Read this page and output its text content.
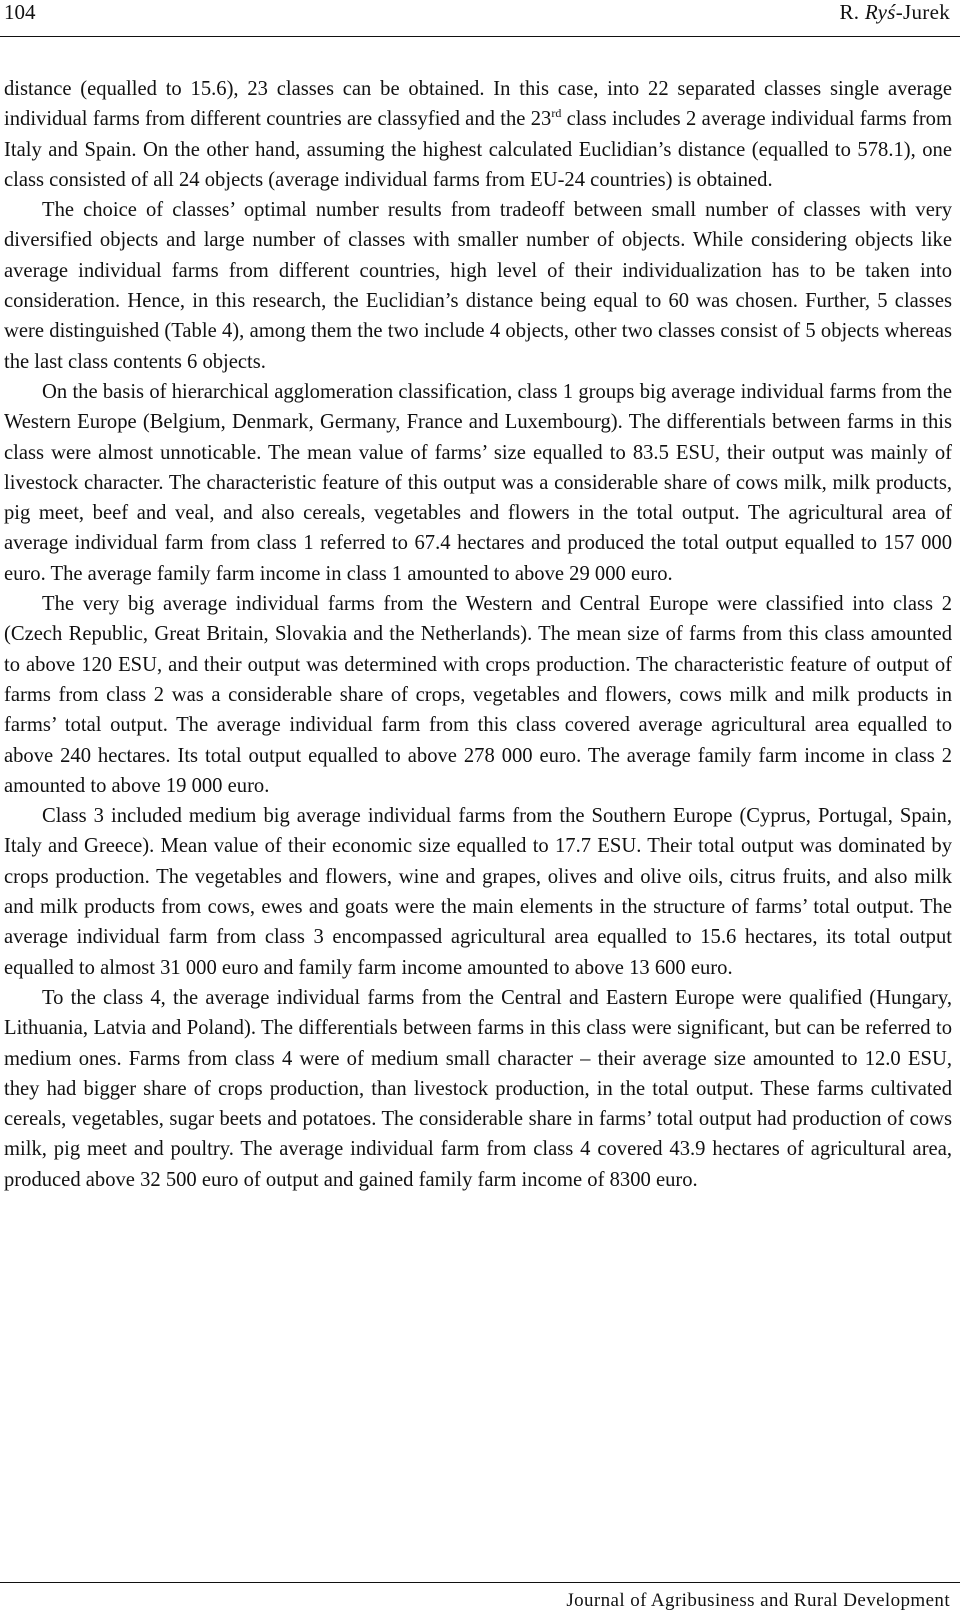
104	R. Ryś-Jurek

distance (equalled to 15.6), 23 classes can be obtained. In this case, into 22 separated classes single average individual farms from different countries are classyfied and the 23rd class includes 2 average individual farms from Italy and Spain. On the other hand, assuming the highest calculated Euclidian’s distance (equalled to 578.1), one class consisted of all 24 objects (average individual farms from EU-24 countries) is obtained.

The choice of classes’ optimal number results from tradeoff between small number of classes with very diversified objects and large number of classes with smaller number of objects. While considering objects like average individual farms from different countries, high level of their individualization has to be taken into consideration. Hence, in this research, the Euclidian’s distance being equal to 60 was chosen. Further, 5 classes were distinguished (Table 4), among them the two include 4 objects, other two classes consist of 5 objects whereas the last class contents 6 objects.

On the basis of hierarchical agglomeration classification, class 1 groups big average individual farms from the Western Europe (Belgium, Denmark, Germany, France and Luxembourg). The differentials between farms in this class were almost unnoticable. The mean value of farms’ size equalled to 83.5 ESU, their output was mainly of livestock character. The characteristic feature of this output was a considerable share of cows milk, milk products, pig meet, beef and veal, and also cereals, vegetables and flowers in the total output. The agricultural area of average individual farm from class 1 referred to 67.4 hectares and produced the total output equalled to 157 000 euro. The average family farm income in class 1 amounted to above 29 000 euro.

The very big average individual farms from the Western and Central Europe were classified into class 2 (Czech Republic, Great Britain, Slovakia and the Netherlands). The mean size of farms from this class amounted to above 120 ESU, and their output was determined with crops production. The characteristic feature of output of farms from class 2 was a considerable share of crops, vegetables and flowers, cows milk and milk products in farms’ total output. The average individual farm from this class covered average agricultural area equalled to above 240 hectares. Its total output equalled to above 278 000 euro. The average family farm income in class 2 amounted to above 19 000 euro.

Class 3 included medium big average individual farms from the Southern Europe (Cyprus, Portugal, Spain, Italy and Greece). Mean value of their economic size equalled to 17.7 ESU. Their total output was dominated by crops production. The vegetables and flowers, wine and grapes, olives and olive oils, citrus fruits, and also milk and milk products from cows, ewes and goats were the main elements in the structure of farms’ total output. The average individual farm from class 3 encompassed agricultural area equalled to 15.6 hectares, its total output equalled to almost 31 000 euro and family farm income amounted to above 13 600 euro.

To the class 4, the average individual farms from the Central and Eastern Europe were qualified (Hungary, Lithuania, Latvia and Poland). The differentials between farms in this class were significant, but can be referred to medium ones. Farms from class 4 were of medium small character – their average size amounted to 12.0 ESU, they had bigger share of crops production, than livestock production, in the total output. These farms cultivated cereals, vegetables, sugar beets and potatoes. The considerable share in farms’ total output had production of cows milk, pig meet and poultry. The average individual farm from class 4 covered 43.9 hectares of agricultural area, produced above 32 500 euro of output and gained family farm income of 8300 euro.

Journal of Agribusiness and Rural Development
